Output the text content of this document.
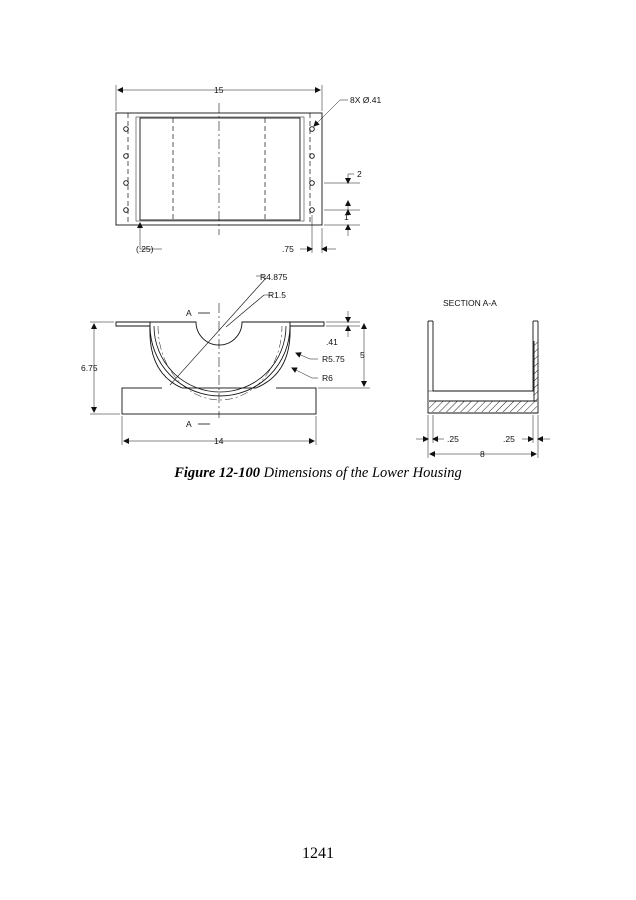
15
8X Ø.41
2
1
(.25)	.75
R4.875
R1.5
A
.41
R5.75 5
6.75
R6
A
14
SECTION A-A
.25	.25
8
Figure 12-100 Dimensions of the Lower Housing
1241
